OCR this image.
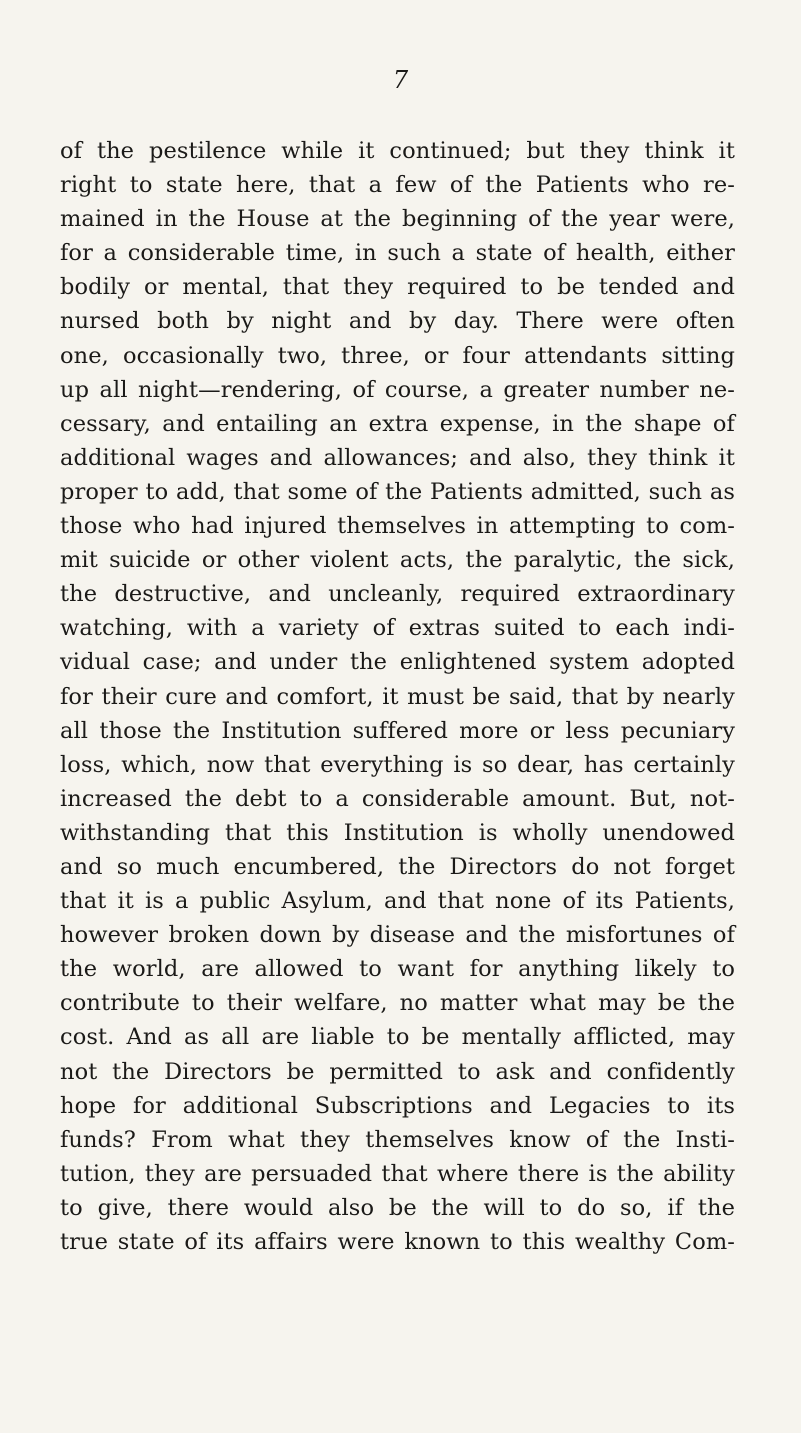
7
of the pestilence while it continued; but they think it
right to state here, that a few of the Patients who re-
mained in the House at the beginning of the year were,
for a considerable time, in such a state of health, either
bodily or mental, that they required to be tended and
nursed both by night and by day. There were often
one, occasionally two, three, or four attendants sitting
up all night—rendering, of course, a greater number ne-
cessary, and entailing an extra expense, in the shape of
additional wages and allowances; and also, they think it
proper to add, that some of the Patients admitted, such as
those who had injured themselves in attempting to com-
mit suicide or other violent acts, the paralytic, the sick,
the destructive, and uncleanly, required extraordinary
watching, with a variety of extras suited to each indi-
vidual case; and under the enlightened system adopted
for their cure and comfort, it must be said, that by nearly
all those the Institution suffered more or less pecuniary
loss, which, now that everything is so dear, has certainly
increased the debt to a considerable amount. But, not-
withstanding that this Institution is wholly unendowed
and so much encumbered, the Directors do not forget
that it is a public Asylum, and that none of its Patients,
however broken down by disease and the misfortunes of
the world, are allowed to want for anything likely to
contribute to their welfare, no matter what may be the
cost. And as all are liable to be mentally afflicted, may
not the Directors be permitted to ask and confidently
hope for additional Subscriptions and Legacies to its
funds? From what they themselves know of the Insti-
tution, they are persuaded that where there is the ability
to give, there would also be the will to do so, if the
true state of its affairs were known to this wealthy Com-
